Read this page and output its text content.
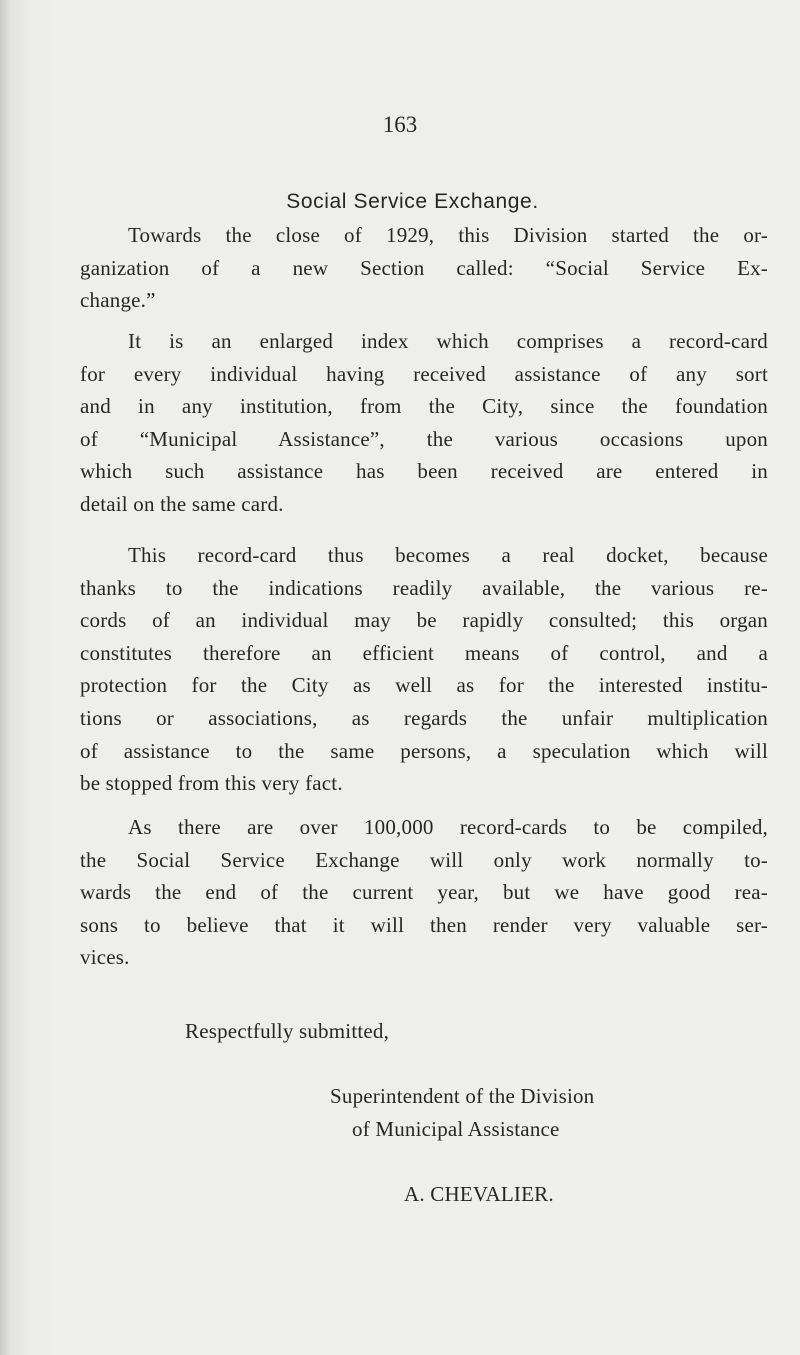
163
Social Service Exchange.
Towards the close of 1929, this Division started the or-
ganization of a new Section called: “Social Service Ex-
change.”
It is an enlarged index which comprises a record-card
for every individual having received assistance of any sort
and in any institution, from the City, since the foundation
of “Municipal Assistance”, the various occasions upon
which such assistance has been received are entered in
detail on the same card.
This record-card thus becomes a real docket, because
thanks to the indications readily available, the various re-
cords of an individual may be rapidly consulted; this organ
constitutes therefore an efficient means of control, and a
protection for the City as well as for the interested institu-
tions or associations, as regards the unfair multiplication
of assistance to the same persons, a speculation which will
be stopped from this very fact.
As there are over 100,000 record-cards to be compiled,
the Social Service Exchange will only work normally to-
wards the end of the current year, but we have good rea-
sons to believe that it will then render very valuable ser-
vices.
Respectfully submitted,
Superintendent of the Division
of Municipal Assistance
A. CHEVALIER.
